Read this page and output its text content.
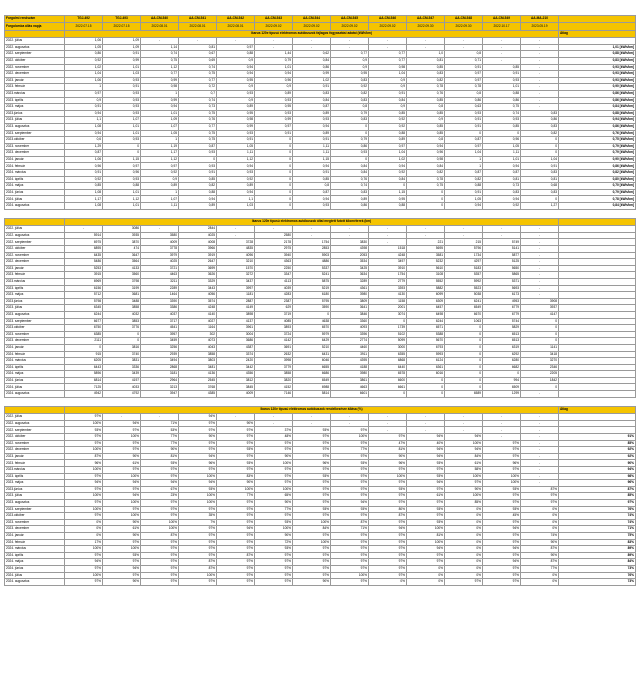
Forgalmi rendszám	TGJ-492	TGJ-493	AA-CM-540	AA-CM-541	AA-CM-542	AA-CM-543	AA-CM-544	AA-CM-545	AA-CM-546	AA-CM-547	AA-CM-548	AA-CM-549	AA-MA-210	
Forgalomba állás napja	2022.07.15	2022.07.15	2022.08.01	2022.08.01	2022.08.01	2022.09.02	2022.09.02	2022.09.02	2022.09.02	2022.09.30	2022.09.30	2022.10.17	2023.05.19	
	Ikarus 120e típusú elektromos autóbuszok fajlagos fogyasztási adatai (kWh/km)													Átlag
2022. július	1,06	1,09	-	-	-	-	-	-	-	-	-	-	-	
2022. augusztus	1,05	1,09	1,14	0,81	0,97	-	-	-	-	-	-	-	-	1,01 [kWh/km]
2022. szeptember	0,86	0,91	0,74	0,67	0,88	1,44	0,62	0,77	0,77	1,0	0,8	-	-	0,88 [kWh/km]
2022. október	0,92	0,99	0,75	0,69	0,9	0,79	0,84	0,9	0,77	0,81	0,71	-	-	0,83 [kWh/km]
2022. november	1,02	1,01	1,12	0,74	0,94	1,01	0,86	0,9	0,98	0,85	0,91	0,85	-	0,93 [kWh/km]
2022. december	1,04	1,03	0,77	0,75	0,94	0,94	0,99	0,95	1,04	0,83	0,97	0,91	-	0,93 [kWh/km]
2023. január	1,06	0,93	0,99	0,77	0,95	0,96	1,02	0,83	0,9	0,82	0,97	0,93	-	0,93 [kWh/km]
2023. február	1	0,91	0,98	0,72	0,9	0,9	0,91	0,92	0,9	0,78	0,78	1,01	-	0,90 [kWh/km]
2023.március	0,97	0,93	1	0,7	0,93	0,89	0,83	0,82	0,91	0,76	0,8	0,88	-	0,86 [kWh/km]
2023. április	0,9	0,93	0,99	0,74	0,9	0,93	0,84	0,83	0,84	0,85	0,86	0,86	-	0,86 [kWh/km]
2023. május	0,91	0,93	0,94	0,73	0,89	0,95	0,87	0,8	0,9	0,8	0,63	0,75	-	0,84 [kWh/km]
2023.június	0,94	0,93	1,01	0,75	0,95	0,93	0,89	0,79	0,85	0,85	0,93	0,74	0,83	0,88 [kWh/km]
2023. július	1,1	1,07	1,09	0,76	0,98	0,99	0,93	0,83	0,92	0,9	0,91	0,93	0,86	0,94 [kWh/km]
2023. augusztus	1,08	1,01	1,07	0,77	0,99	0,97	0,94	0	0,92	0,85	0,91	0,85	0,83	0,86 [kWh/km]
2023. szeptember	0,94	1,01	1,05	0,75	0,93	0,91	0,89	0	0,88	0,85	0	0	0,82	0,76 [kWh/km]
2023.október	0,6	0,93	1	0,75	0,91	0	0,91	0,79	0,89	0,8	0,87	0,96	0	0,75 [kWh/km]
2023. november	1,29	0	1,19	0,87	1,05	0	1,11	0,86	0,97	0,94	0,97	1,05	0	0,79 [kWh/km]
2023. december	0,87	0	1,17	0,93	1,11	0	1,11	0,93	1,04	0,96	1,04	1,11	0	0,79 [kWh/km]
2024. január	1,06	1,15	1,12	0	1,12	0	1,15	0	1,02	0,98	1	1,01	1,04	0,90 [kWh/km]
2024. február	0,96	0,97	0,97	0,93	0,94	0	0,94	0,84	0,94	0,84	1	0,94	0,91	0,86 [kWh/km]
2024. március	0,91	0,96	0,92	0,91	0,93	0	0,91	0,84	0,92	0,82	0,87	0,87	0,83	0,82 [kWh/km]
2024. április	0,92	0,93	0,9	0,85	0,92	0	0,85	0,76	0,84	0,78	0,82	0,81	0,81	0,80 [kWh/km]
2024. május	0,85	0,88	0,89	0,82	0,89	0	0,8	0,74	0	0,75	0,88	0,73	0,68	0,70 [kWh/km]
2024. június	1,08	1,01	1	0,88	0,94	0	0,87	0,83	1,15	0	0,91	0,83	0,83	0,79 [kWh/km]
2024. július	1,17	1,12	1,07	0,94	1,1	0	0,94	0,89	0,95	0	1,05	0,94	0	0,78 [kWh/km]
2024. augusztus	1,08	1,01	1,11	0,89	1,03	0	0,93	0,86	0,88	0	0,94	0,92	1,27	0,84 [kWh/km]

	Ikarus 120e típusú elektromos autóbuszok által megtett futott kilométerek (km)													
2022. július	-	3086	-	2844	-	-	-	-	-	-	-	-	-	
2022. augusztus	5914	3935	3580	4025	-	2580	-	-	-	-	-	-	-	
2022. szeptember	6975	3870	4009	4008	3728	2178	1754	3830	-	221	215	5749	-	
2022. október	6895	474	3778	3966	4835	2975	2853	4398	1518	5695	5796	5141	-	
2022. november	6435	3647	3979	3919	4096	3940	5903	2053	4248	3581	1734	5877	-	
2022. december	5486	3564	4025	2647	3210	4363	4886	3534	3497	5232	4297	5125	-	
2023. január	5253	4133	3721	3699	1570	2250	5337	3425	3910	5610	5183	5650	-	
2023. február	3915	3560	4463	3626	3272	3347	5241	3634	1754	3108	5357	5865	-	
2023.március	6969	3798	3211	3329	3437	4113	5875	3289	2779	5552	5992	5371	-	
2023. április	6156	3199	2289	3443	3997	4039	5219	4361	3393	5882	5523	5693	-	
2023. május	5712	3681	1464	4056	1181	4283	6180	3980	4130	6099	5038	6173	-	
2023.június	5798	3488	3390	3574	2887	2387	5795	3809	1158	6309	6241	4953	3908	
2023. július	6345	3858	3386	4248	4149	629	3590	3641	2001	6457	6549	6779	3937	
2023. augusztus	6244	4032	4037	4140	3898	3719	0	3846	3074	6498	6670	6779	4147	
2023. szeptember	6677	3853	3717	4027	4137	4085	4638	3360	0	6244	1063	5744	0	
2023.október	6750	3776	4541	1164	3961	3893	6570	4093	1739	6571	0	5829	0	
2023. november	6385	0	3957	302	3004	3724	5979	3396	5102	5388	0	6513	0	
2023. december	2111	0	3459	4073	3686	4142	6429	2774	5099	5670	0	6513	0	
2024. január	0	3816	3256	4043	4387	3691	5210	4460	3000	6793	0	6319	1141	
2024. február	915	3740	2939	3858	3374	2632	6431	3911	6355	5993	0	6292	3418	
2024. március	6205	3831	3494	3803	2420	3998	6046	4395	6868	6124	0	6280	3270	
2024. április	6443	3336	2868	3481	3442	3779	6655	4188	6440	6361	0	6682	2346	
2024. május	5896	3439	3181	4136	4356	3858	6686	3980	6578	6016	0	0	2205	
2024. június	6814	4197	2964	2545	3812	3820	6549	3861	6600	0	0	994	1842	
2024. július	7125	4033	3213	3768	3845	4152	6988	4663	6661	0	0	6509	0	
2024. augusztus	4942	4792	3947	4385	4009	7146	5814	6601	0	0	6589	1299	-	

	Ikarus 120e típusú elektromos autóbuszok rendelkezésre állása (%)													Átlag
2022. július	97%	-	-	94%	-	-	-	-	-	-	-	-	-	
2022. augusztus	100%	94%	71%	97%	90%	-	-	-	-	-	-	-	-	
2022. szeptember	93%	97%	53%	97%	97%	37%	93%	97%	-	-	-	-	-	
2022. október	97%	100%	77%	90%	97%	48%	97%	100%	97%	94%	94%	-	-	91%
2022. november	97%	97%	77%	97%	97%	97%	97%	97%	47%	40%	100%	97%	-	85%
2022. december	100%	97%	90%	97%	93%	97%	97%	77%	81%	94%	94%	97%	-	92%
2023. január	87%	90%	81%	94%	97%	90%	97%	97%	90%	94%	84%	97%	-	92%
2023. február	96%	61%	93%	96%	93%	100%	96%	93%	96%	93%	61%	96%	-	90%
2023.március	100%	97%	97%	97%	97%	97%	97%	97%	97%	97%	58%	97%	-	94%
2023. április	97%	100%	97%	100%	83%	97%	93%	97%	100%	93%	100%	100%	-	98%
2023. május	94%	94%	94%	94%	90%	97%	97%	97%	97%	94%	97%	100%	-	96%
2023.június	97%	97%	67%	93%	100%	100%	97%	97%	93%	97%	90%	93%	87%	87%
2023. július	100%	94%	23%	100%	77%	65%	97%	97%	97%	61%	100%	97%	97%	85%
2023. augusztus	97%	100%	97%	100%	97%	90%	97%	94%	97%	97%	85%	97%	97%	97%
2023. szeptember	100%	97%	97%	97%	97%	77%	93%	93%	80%	93%	0%	93%	0%	76%
2023.október	97%	100%	97%	35%	97%	97%	97%	97%	87%	97%	0%	45%	0%	74%
2023. november	0%	90%	100%	7%	97%	93%	100%	87%	97%	93%	0%	97%	0%	74%
2023. december	0%	61%	100%	97%	94%	100%	84%	71%	94%	100%	0%	94%	0%	71%
2024. január	0%	90%	87%	97%	97%	90%	97%	97%	97%	81%	0%	97%	74%	75%
2024. február	17%	97%	97%	97%	97%	72%	100%	97%	97%	100%	0%	97%	90%	83%
2024. március	100%	100%	97%	97%	97%	93%	97%	97%	97%	94%	0%	94%	87%	89%
2024. április	97%	93%	97%	97%	87%	97%	97%	97%	97%	97%	0%	97%	90%	89%
2024. május	94%	97%	97%	87%	97%	97%	97%	97%	97%	97%	0%	94%	87%	84%
2024. június	97%	94%	97%	87%	97%	97%	97%	97%	97%	0%	0%	97%	77%	73%
2024. július	100%	97%	97%	100%	97%	97%	97%	100%	97%	0%	0%	97%	0%	76%
2024. augusztus	97%	90%	97%	97%	97%	97%	90%	97%	0%	0%	97%	97%	0%	73%
